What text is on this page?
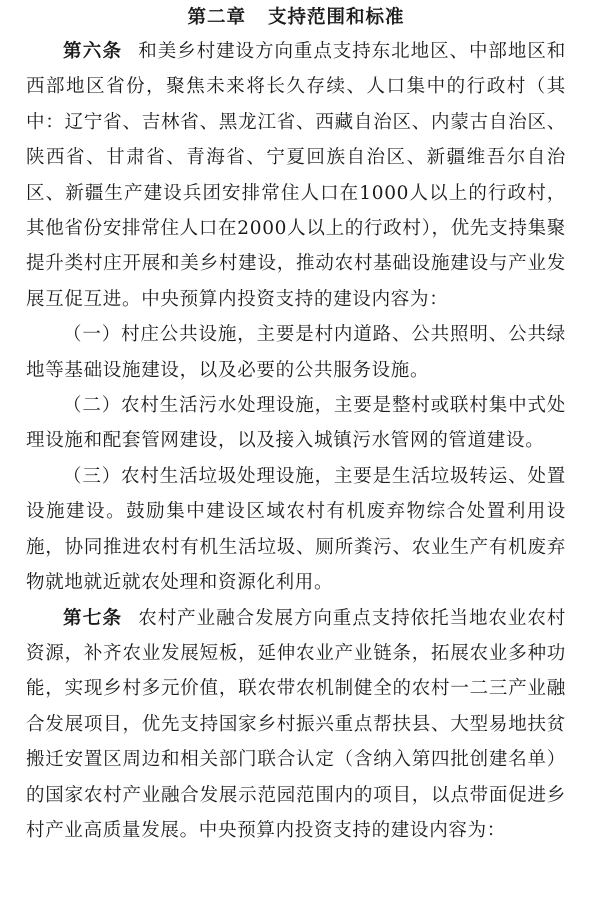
第二章 支持范围和标准

第六条 和美乡村建设方向重点支持东北地区、中部地区和西部地区省份，聚焦未来将长久存续、人口集中的行政村（其中：辽宁省、吉林省、黑龙江省、西藏自治区、内蒙古自治区、陕西省、甘肃省、青海省、宁夏回族自治区、新疆维吾尔自治区、新疆生产建设兵团安排常住人口在1000人以上的行政村，其他省份安排常住人口在2000人以上的行政村），优先支持集聚提升类村庄开展和美乡村建设，推动农村基础设施建设与产业发展互促互进。中央预算内投资支持的建设内容为：

（一）村庄公共设施，主要是村内道路、公共照明、公共绿地等基础设施建设，以及必要的公共服务设施。

（二）农村生活污水处理设施，主要是整村或联村集中式处理设施和配套管网建设，以及接入城镇污水管网的管道建设。

（三）农村生活垃圾处理设施，主要是生活垃圾转运、处置设施建设。鼓励集中建设区域农村有机废弃物综合处置利用设施，协同推进农村有机生活垃圾、厕所粪污、农业生产有机废弃物就地就近就农处理和资源化利用。

第七条 农村产业融合发展方向重点支持依托当地农业农村资源，补齐农业发展短板，延伸农业产业链条，拓展农业多种功能，实现乡村多元价值，联农带农机制健全的农村一二三产业融合发展项目，优先支持国家乡村振兴重点帮扶县、大型易地扶贫搬迁安置区周边和相关部门联合认定（含纳入第四批创建名单）的国家农村产业融合发展示范园范围内的项目，以点带面促进乡村产业高质量发展。中央预算内投资支持的建设内容为：
